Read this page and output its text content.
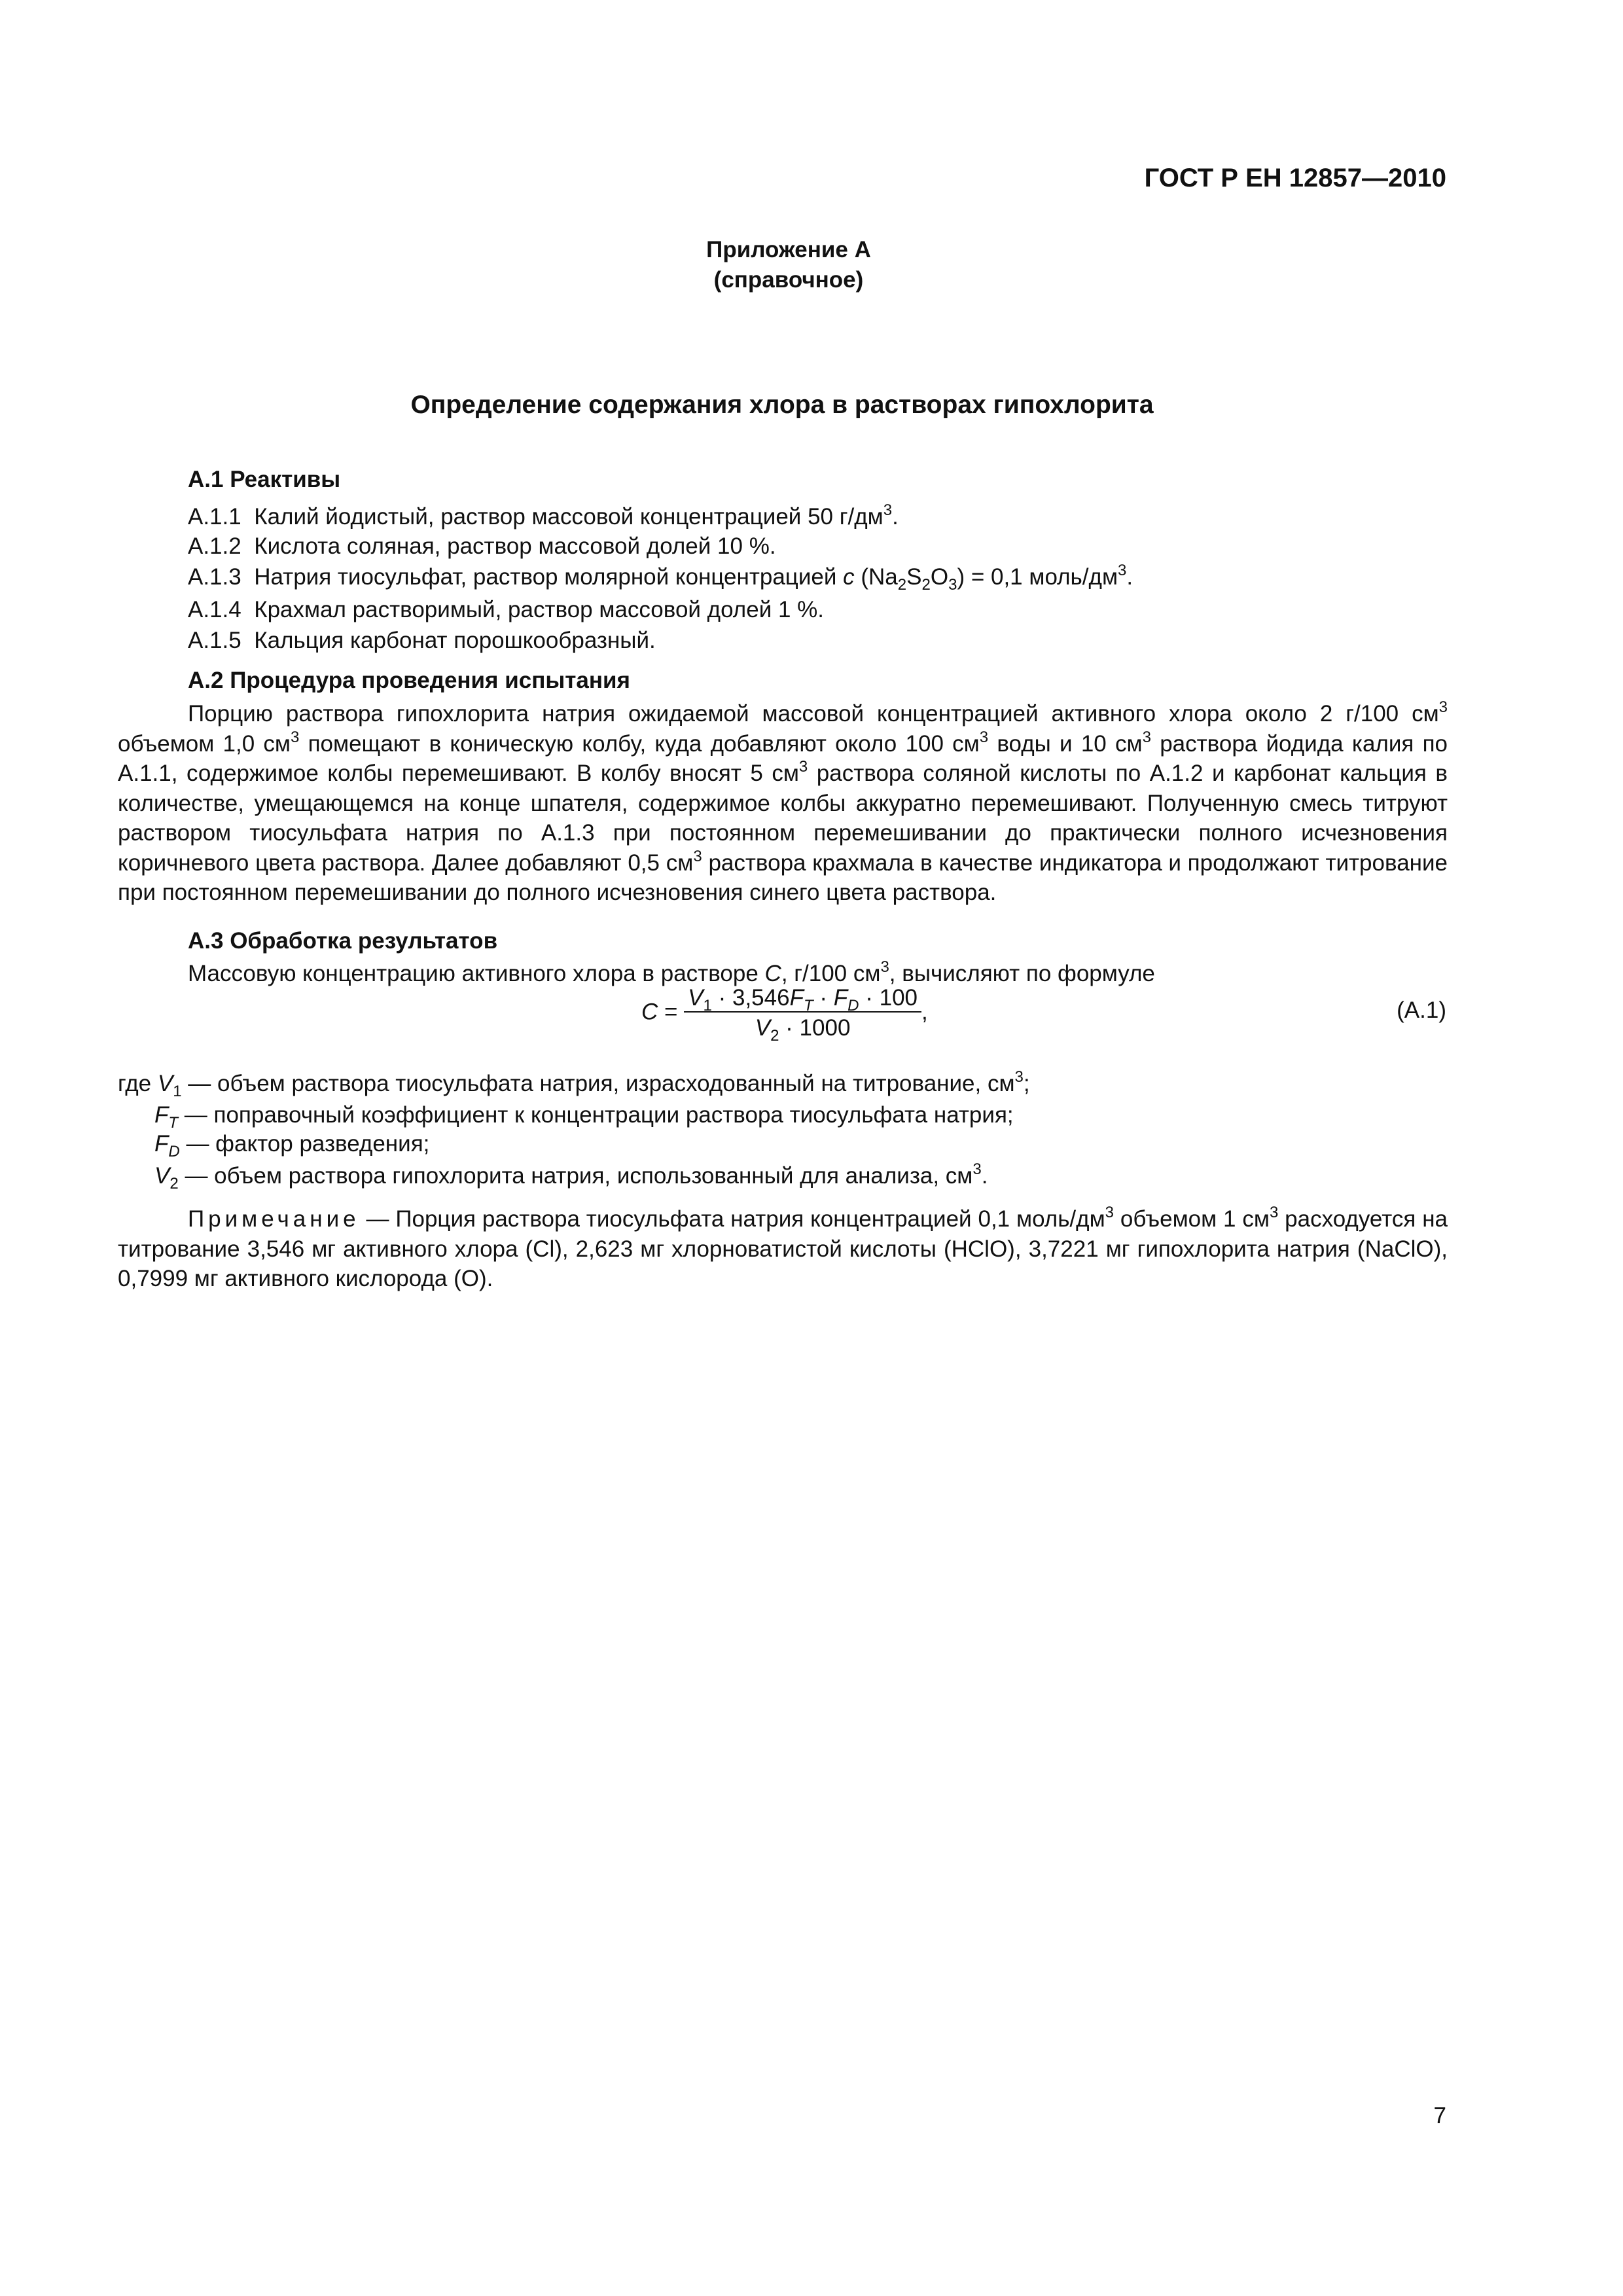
ГОСТ Р ЕН 12857—2010
Приложение А
(справочное)
Определение содержания хлора в растворах гипохлорита
А.1 Реактивы
А.1.1 Калий йодистый, раствор массовой концентрацией 50 $г/дм^3$.
А.1.2 Кислота соляная, раствор массовой долей 10 %.
А.1.3 Натрия тиосульфат, раствор молярной концентрацией c $(Na_2S_2O_3) = 0,1$ моль/$дм^3$.
А.1.4 Крахмал растворимый, раствор массовой долей 1 %.
А.1.5 Кальция карбонат порошкообразный.
А.2 Процедура проведения испытания
Порцию раствора гипохлорита натрия ожидаемой массовой концентрацией активного хлора около 2 г/100 $см^3$ объемом 1,0 $см^3$ помещают в коническую колбу, куда добавляют около 100 $см^3$ воды и 10 $см^3$ раствора йодида калия по А.1.1, содержимое колбы перемешивают. В колбу вносят 5 $см^3$ раствора соляной кислоты по А.1.2 и карбонат кальция в количестве, умещающемся на конце шпателя, содержимое колбы аккуратно перемешивают. Полученную смесь титруют раствором тиосульфата натрия по А.1.3 при постоянном перемешивании до практически полного исчезновения коричневого цвета раствора. Далее добавляют 0,5 $см^3$ раствора крахмала в качестве индикатора и продолжают титрование при постоянном перемешивании до полного исчезновения синего цвета раствора.
А.3 Обработка результатов
Массовую концентрацию активного хлора в растворе C, г/100 $см^3$, вычисляют по формуле
$C = \frac{V_1 \cdot 3,546F_T \cdot F_D \cdot 100}{V_2 \cdot 1000}$ ,	(А.1)
где $V_1$ — объем раствора тиосульфата натрия, израсходованный на титрование, $см^3$;
$F_T$ — поправочный коэффициент к концентрации раствора тиосульфата натрия;
$F_D$ — фактор разведения;
$V_2$ — объем раствора гипохлорита натрия, использованный для анализа, $см^3$.
Примечание — Порция раствора тиосульфата натрия концентрацией 0,1 моль/$дм^3$ объемом 1 $см^3$ расходуется на титрование 3,546 мг активного хлора (Cl), 2,623 мг хлорноватистой кислоты (HClO), 3,7221 мг гипохлорита натрия (NaClO), 0,7999 мг активного кислорода (О).
7
